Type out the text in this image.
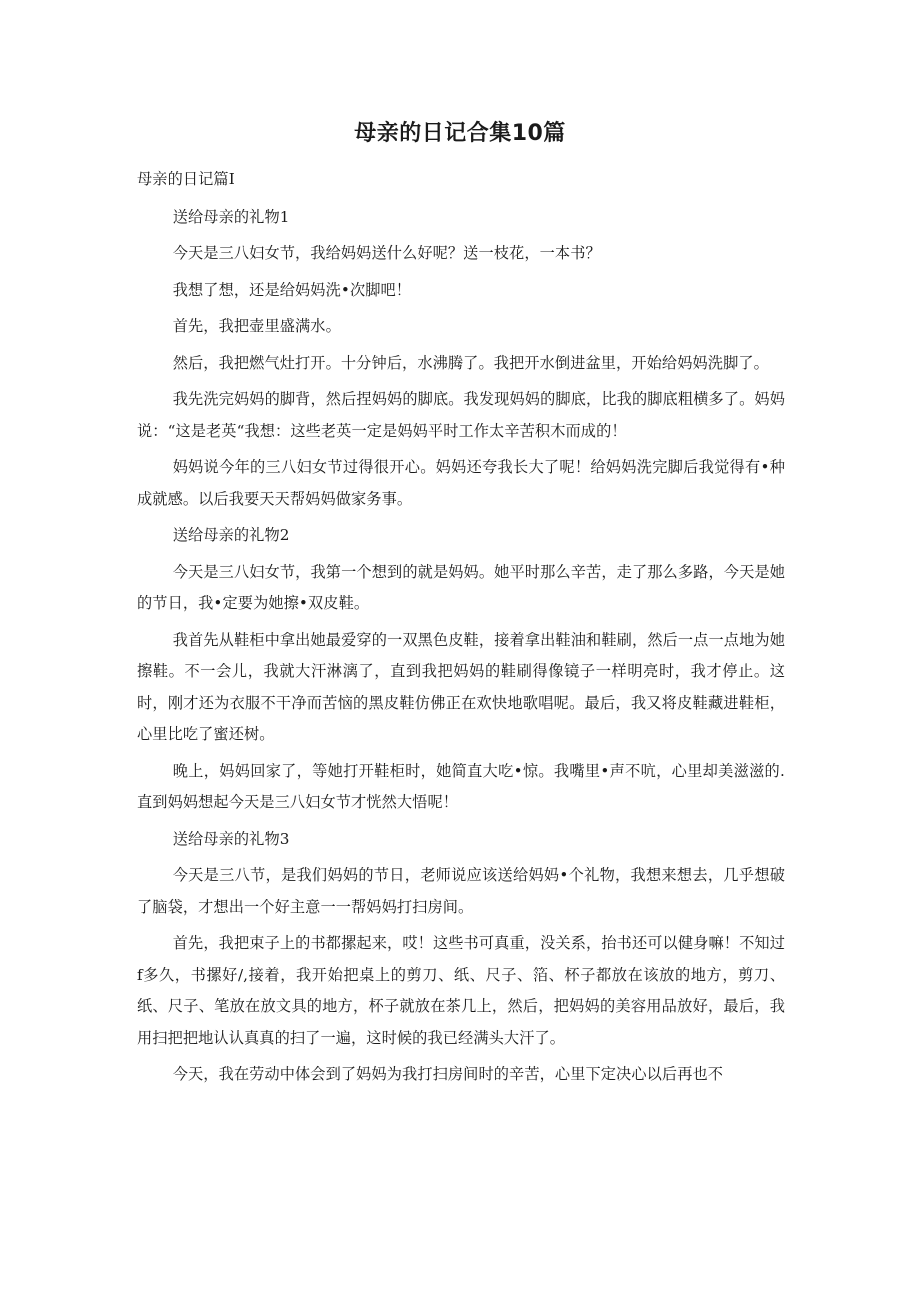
母亲的日记合集10篇

母亲的日记篇I

送给母亲的礼物1

今天是三八妇女节，我给妈妈送什么好呢？送一枝花，一本书？

我想了想，还是给妈妈洗•次脚吧！

首先，我把壶里盛满水。

然后，我把燃气灶打开。十分钟后，水沸腾了。我把开水倒进盆里，开始给妈妈洗脚了。

我先洗完妈妈的脚背，然后捏妈妈的脚底。我发现妈妈的脚底，比我的脚底粗横多了。妈妈说：“这是老英“我想：这些老英一定是妈妈平时工作太辛苦积木而成的！

妈妈说今年的三八妇女节过得很开心。妈妈还夸我长大了呢！给妈妈洗完脚后我觉得有•种成就感。以后我要天天帮妈妈做家务事。

送给母亲的礼物2

今天是三八妇女节，我第一个想到的就是妈妈。她平时那么辛苦，走了那么多路，今天是她的节日，我•定要为她擦•双皮鞋。

我首先从鞋柜中拿出她最爱穿的一双黑色皮鞋，接着拿出鞋油和鞋刷，然后一点一点地为她擦鞋。不一会儿，我就大汗淋漓了，直到我把妈妈的鞋刷得像镜子一样明亮时，我才停止。这时，刚才还为衣服不干净而苦恼的黑皮鞋仿佛正在欢快地歌唱呢。最后，我又将皮鞋藏进鞋柜，心里比吃了蜜还树。

晚上，妈妈回家了，等她打开鞋柜时，她简直大吃•惊。我嘴里•声不吭，心里却美滋滋的.直到妈妈想起今天是三八妇女节才恍然大悟呢！

送给母亲的礼物3

今天是三八节，是我们妈妈的节日，老师说应该送给妈妈•个礼物，我想来想去，几乎想破了脑袋，才想出一个好主意一一帮妈妈打扫房间。

首先，我把束子上的书都摞起来，哎！这些书可真重，没关系，抬书还可以健身嘛！不知过f多久，书摞好/,接着，我开始把桌上的剪刀、纸、尺子、箔、杯子都放在该放的地方，剪刀、纸、尺子、笔放在放文具的地方，杯子就放在茶几上，然后，把妈妈的美容用品放好，最后，我用扫把把地认认真真的扫了一遍，这时候的我已经满头大汗了。

今天，我在劳动中体会到了妈妈为我打扫房间时的辛苦，心里下定决心以后再也不
